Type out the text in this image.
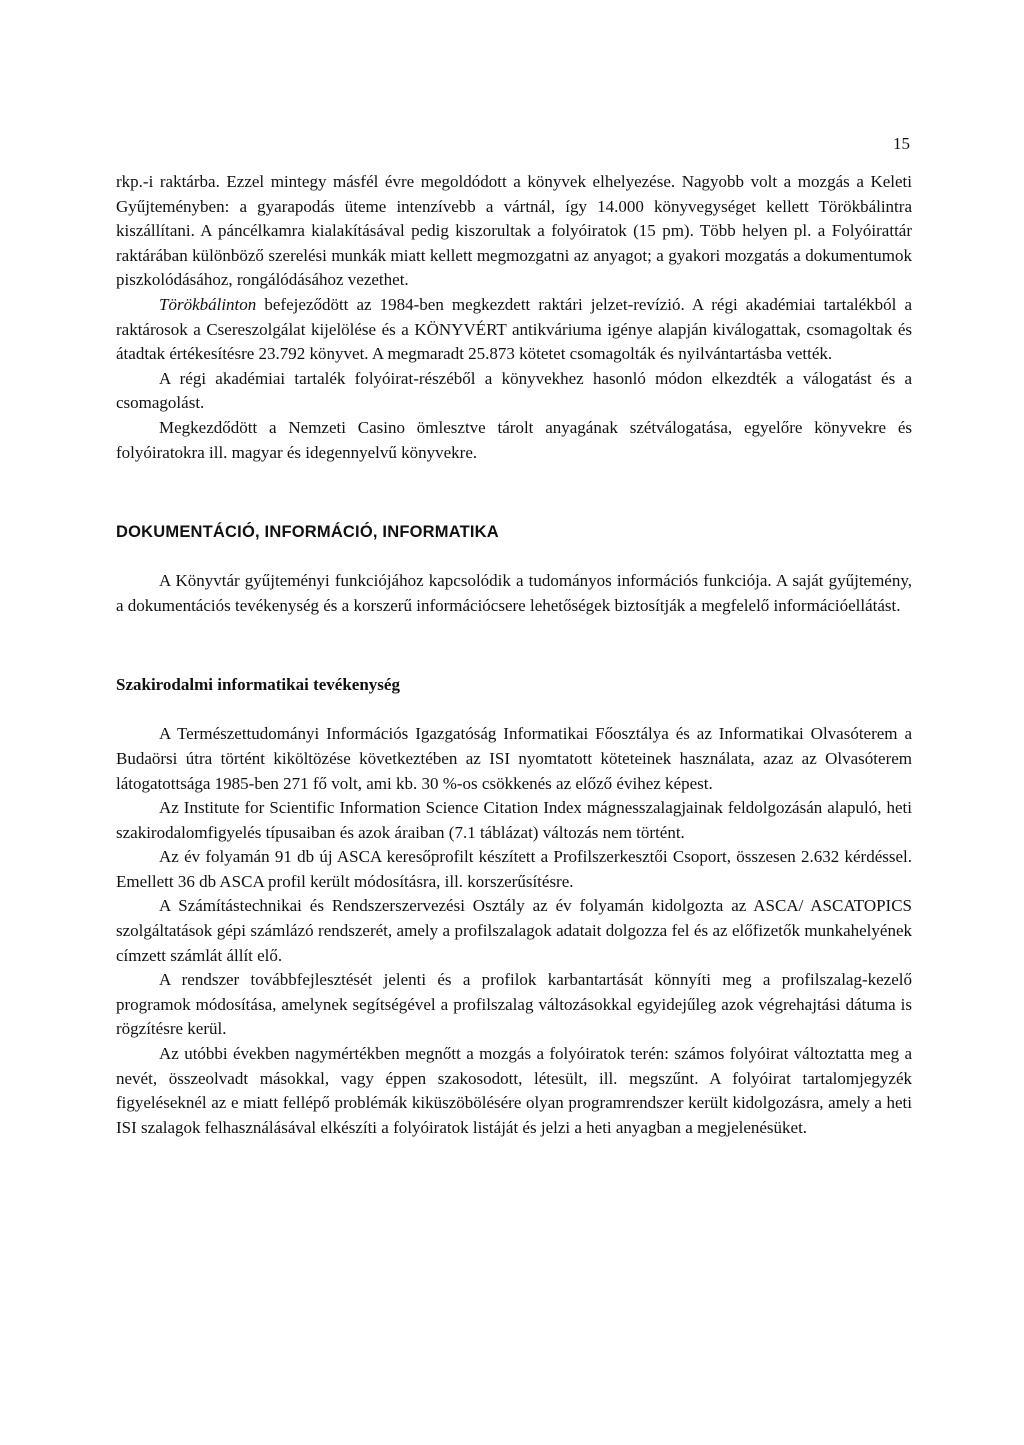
15

rkp.-i raktárba. Ezzel mintegy másfél évre megoldódott a könyvek elhelyezése. Nagyobb volt a mozgás a Keleti Gyűjteményben: a gyarapodás üteme intenzívebb a vártnál, így 14.000 könyvegységet kellett Törökbálintra kiszállítani. A páncélkamra kialakításával pedig kiszorultak a folyóiratok (15 pm). Több helyen pl. a Folyóirattár raktárában különböző szerelési munkák miatt kellett megmozgatni az anyagot; a gyakori mozgatás a dokumentumok piszkolódásához, rongálódásához vezethet.

Törökbálinton befejeződött az 1984-ben megkezdett raktári jelzet-revízió. A régi akadémiai tartalékból a raktárosok a Csereszolgálat kijelölése és a KÖNYVÉRT antikváriuma igénye alapján kiválogattak, csomagoltak és átadtak értékesítésre 23.792 könyvet. A megmaradt 25.873 kötetet csomagolták és nyilvántartásba vették.

A régi akadémiai tartalék folyóirat-részéből a könyvekhez hasonló módon elkezdték a válogatást és a csomagolást.

Megkezdődött a Nemzeti Casino ömlesztve tárolt anyagának szétválogatása, egyelőre könyvekre és folyóiratokra ill. magyar és idegennyelvű könyvekre.

DOKUMENTÁCIÓ, INFORMÁCIÓ, INFORMATIKA

A Könyvtár gyűjteményi funkciójához kapcsolódik a tudományos információs funkciója. A saját gyűjtemény, a dokumentációs tevékenység és a korszerű információcsere lehetőségek biztosítják a megfelelő információellátást.

Szakirodalmi informatikai tevékenység

A Természettudományi Információs Igazgatóság Informatikai Főosztálya és az Informatikai Olvasóterem a Budaörsi útra történt kiköltözése következtében az ISI nyomtatott köteteinek használata, azaz az Olvasóterem látogatottsága 1985-ben 271 fő volt, ami kb. 30 %-os csökkenés az előző évihez képest.

Az Institute for Scientific Information Science Citation Index mágnesszalagjainak feldolgozásán alapuló, heti szakirodalomfigyelés típusaiban és azok áraiban (7.1 táblázat) változás nem történt.

Az év folyamán 91 db új ASCA keresőprofilt készített a Profilszerkesztői Csoport, összesen 2.632 kérdéssel. Emellett 36 db ASCA profil került módosításra, ill. korszerűsítésre.

A Számítástechnikai és Rendszerszervezési Osztály az év folyamán kidolgozta az ASCA/ ASCATOPICS szolgáltatások gépi számlázó rendszerét, amely a profilszalagok adatait dolgozza fel és az előfizetők munkahelyének címzett számlát állít elő.

A rendszer továbbfejlesztését jelenti és a profilok karbantartását könnyíti meg a profilszalag-kezelő programok módosítása, amelynek segítségével a profilszalag változásokkal egyidejűleg azok végrehajtási dátuma is rögzítésre kerül.

Az utóbbi években nagymértékben megnőtt a mozgás a folyóiratok terén: számos folyóirat változtatta meg a nevét, összeolvadt másokkal, vagy éppen szakosodott, létesült, ill. megszűnt. A folyóirat tartalomjegyzék figyeléseknél az e miatt fellépő problémák kiküszöbölésére olyan programrendszer került kidolgozásra, amely a heti ISI szalagok felhasználásával elkészíti a folyóiratok listáját és jelzi a heti anyagban a megjelenésüket.
